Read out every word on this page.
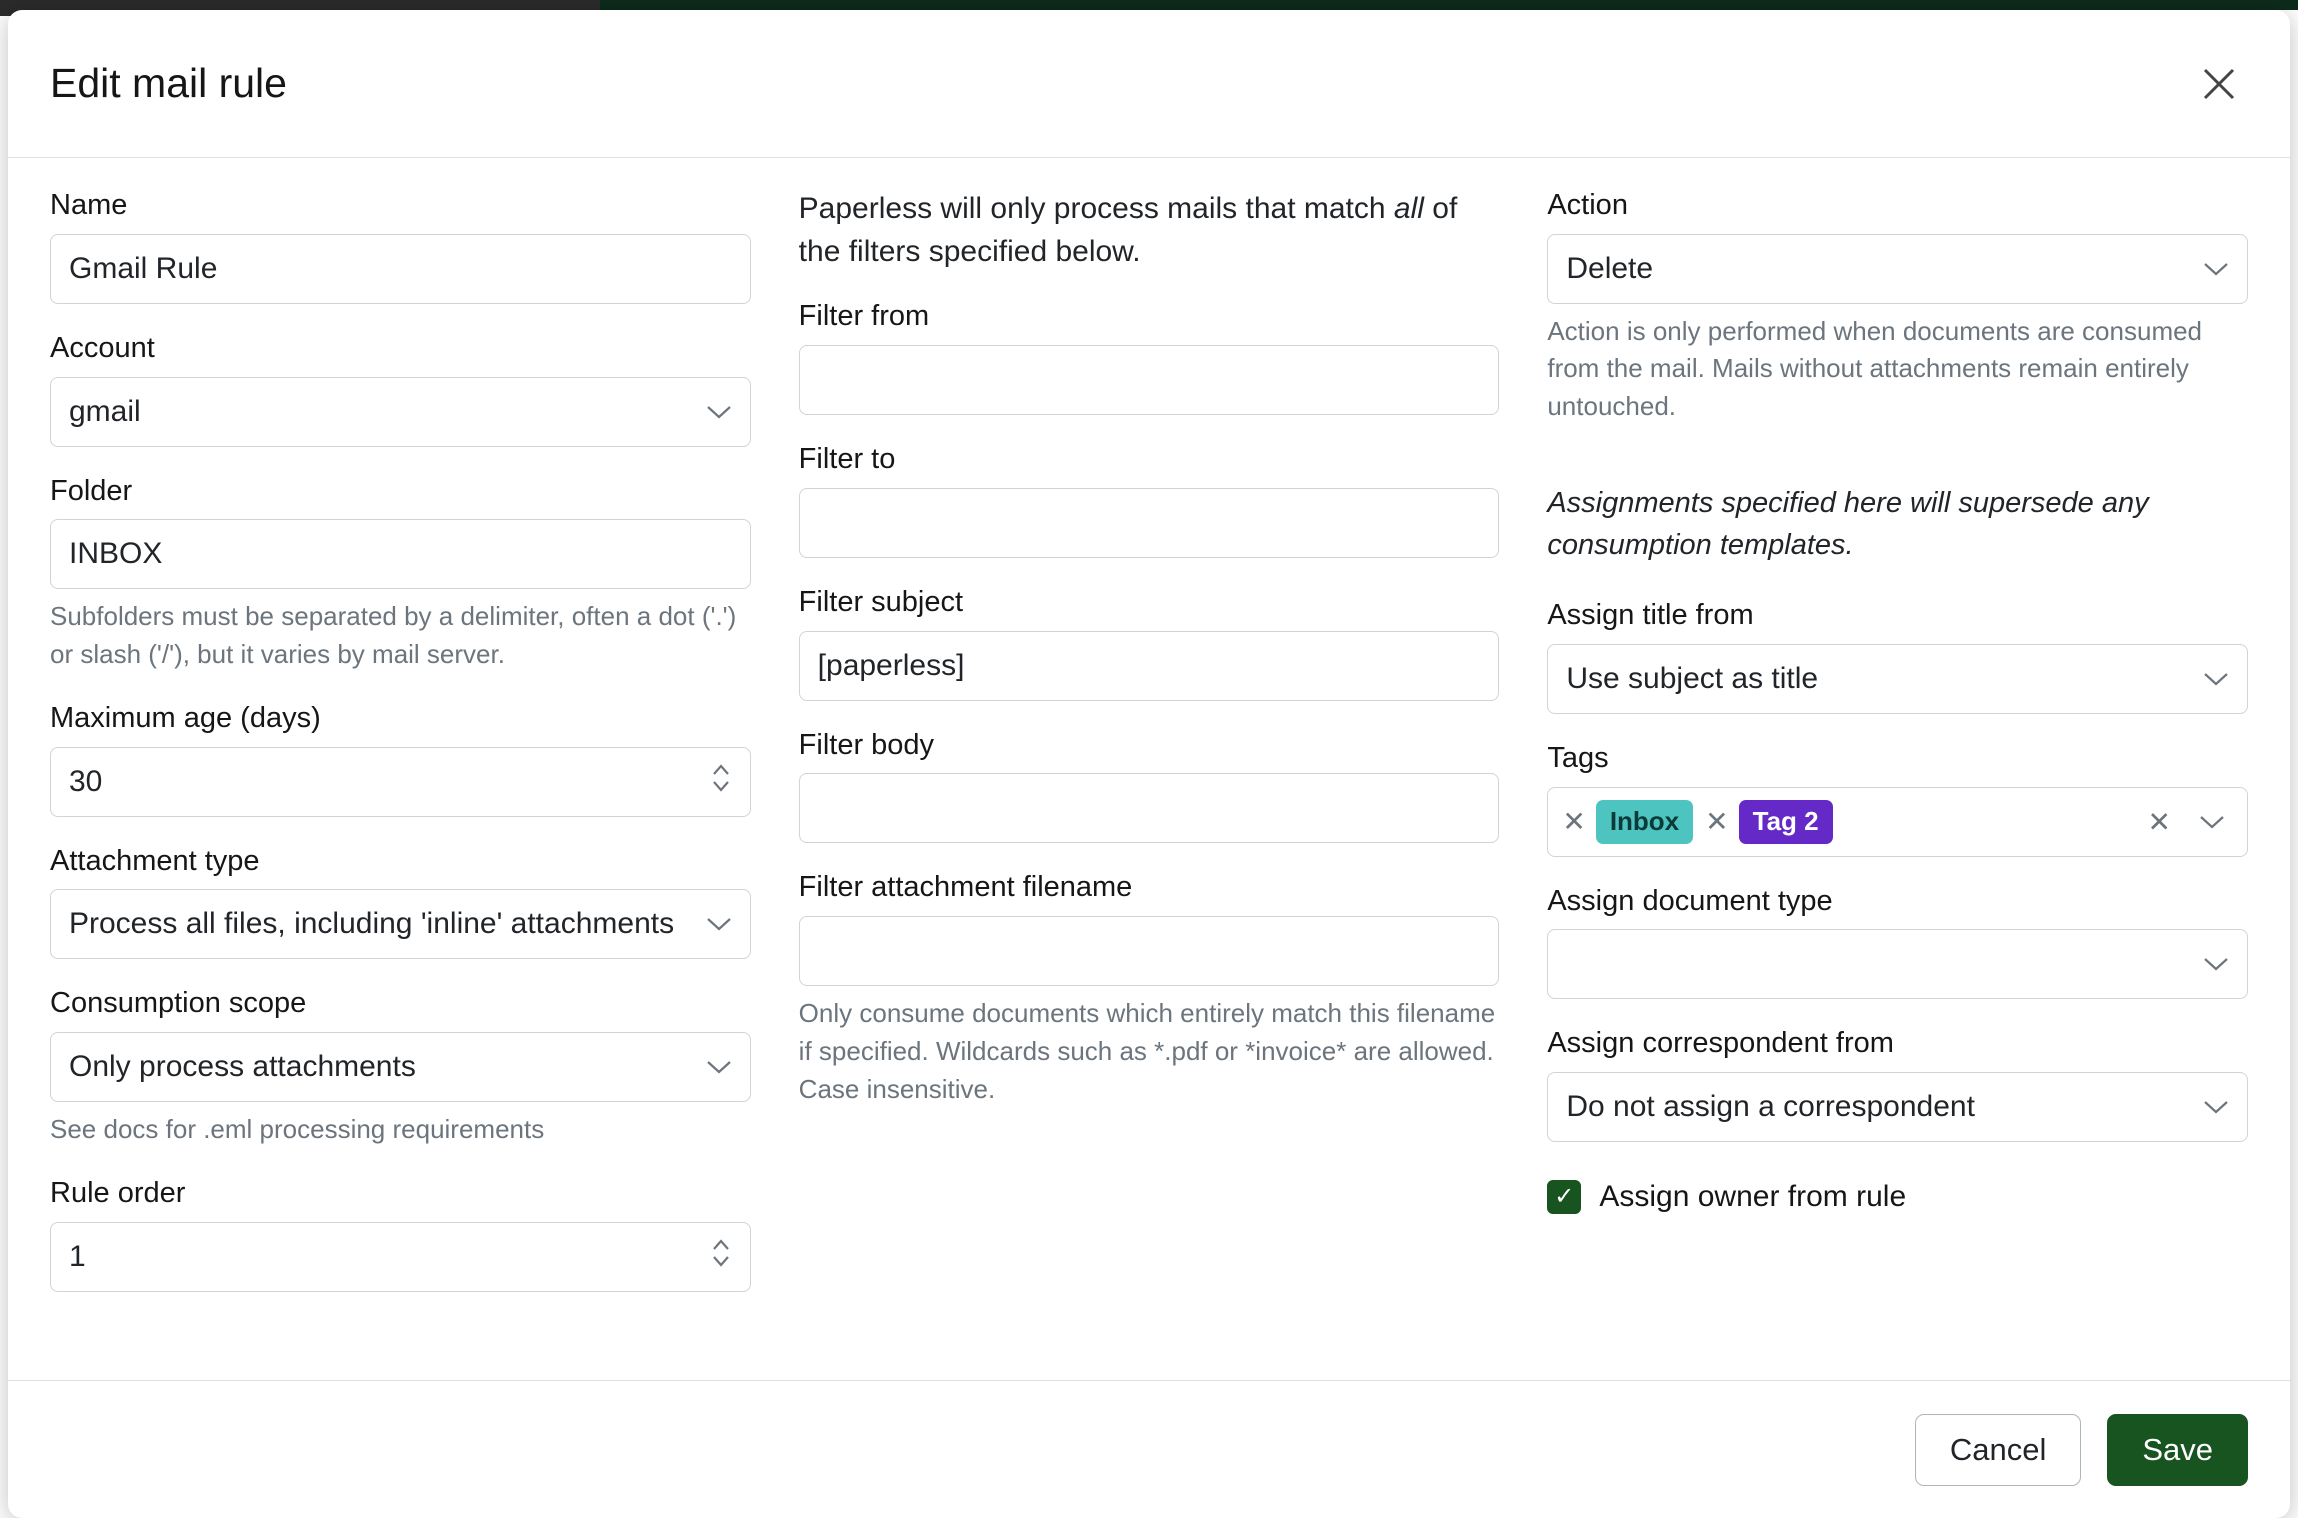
Edit mail rule
Name
Gmail Rule
Account
gmail
Folder
INBOX
Subfolders must be separated by a delimiter, often a dot ('.') or slash ('/'), but it varies by mail server.
Maximum age (days)
30
Attachment type
Process all files, including 'inline' attachments
Consumption scope
Only process attachments
See docs for .eml processing requirements
Rule order
1
Paperless will only process mails that match all of the filters specified below.
Filter from
Filter to
Filter subject
[paperless]
Filter body
Filter attachment filename
Only consume documents which entirely match this filename if specified. Wildcards such as *.pdf or *invoice* are allowed. Case insensitive.
Action
Delete
Action is only performed when documents are consumed from the mail. Mails without attachments remain entirely untouched.
Assignments specified here will supersede any consumption templates.
Assign title from
Use subject as title
Tags
✕ Inbox ✕ Tag 2	✕
Assign document type
Assign correspondent from
Do not assign a correspondent
✓ Assign owner from rule
Cancel	Save
